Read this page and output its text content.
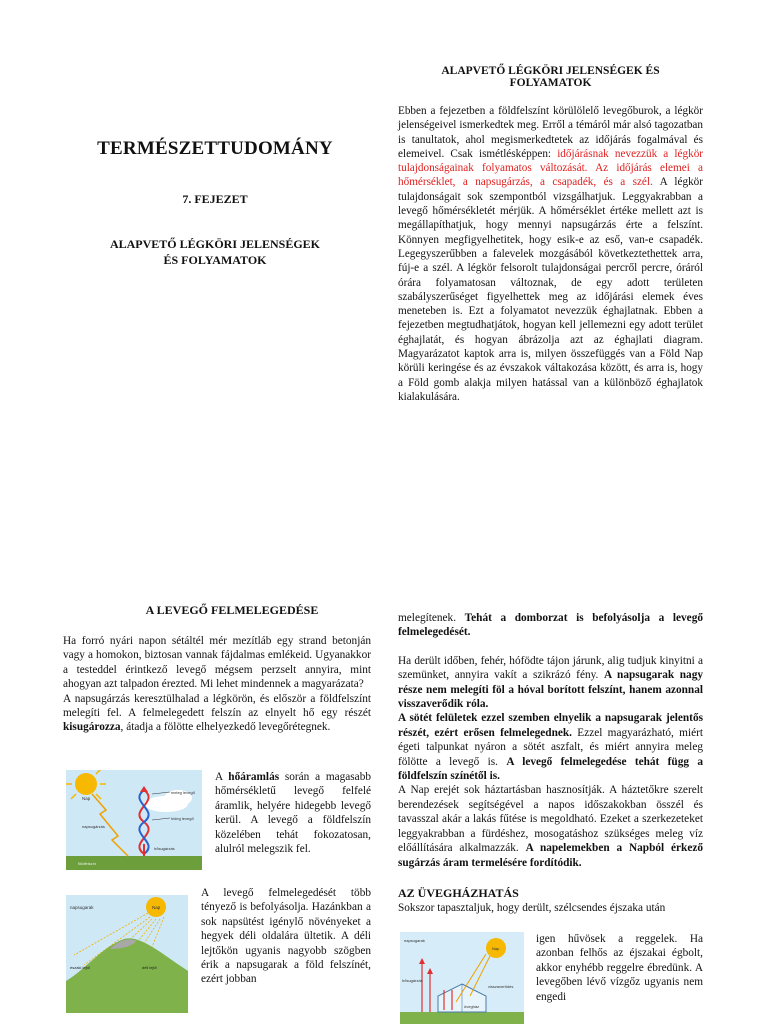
TERMÉSZETTUDOMÁNY
7. FEJEZET
ALAPVETŐ LÉGKÖRI JELENSÉGEK
ÉS FOLYAMATOK
ALAPVETŐ LÉGKÖRI JELENSÉGEK ÉS
FOLYAMATOK

Ebben a fejezetben a földfelszínt körülölelő levegőburok, a légkör jelenségeivel ismerkedtek meg. Erről a témáról már alsó tagozatban is tanultatok, ahol megismerkedtetek az időjárás fogalmával és elemeivel. Csak ismétlésképpen: időjárásnak nevezzük a légkör tulajdonságainak folyamatos változását. Az időjárás elemei a hőmérséklet, a napsugárzás, a csapadék, és a szél. A légkör tulajdonságait sok szempontból vizsgálhatjuk. Leggyakrabban a levegő hőmérsékletét mérjük. A hőmérséklet értéke mellett azt is megállapíthatjuk, hogy mennyi napsugárzás érte a felszínt. Könnyen megfigyelhetitek, hogy esik-e az eső, van-e csapadék. Legegyszerűbben a falevelek mozgásából következtethettek arra, fúj-e a szél. A légkör felsorolt tulajdonságai percről percre, óráról órára folyamatosan változnak, de egy adott területen szabályszerűséget figyelhettek meg az időjárási elemek éves meneteben is. Ezt a folyamatot nevezzük éghajlatnak. Ebben a fejezetben megtudhatjátok, hogyan kell jellemezni egy adott terület éghajlatát, és hogyan ábrázolja azt az éghajlati diagram. Magyarázatot kaptok arra is, milyen összefüggés van a Föld Nap körüli keringése és az évszakok váltakozása között, és arra is, hogy a Föld gomb alakja milyen hatással van a különböző éghajlatok kialakulására.

A LEVEGŐ FELMELEGEDÉSE

Ha forró nyári napon sétáltél mér mezítláb egy strand betonján vagy a homokon, biztosan vannak fájdalmas emlékeid. Ugyanakkor a testeddel érintkező levegő mégsem perzselt annyira, mint ahogyan azt talpadon érezted. Mi lehet mindennek a magyarázata?

A napsugárzás keresztülhalad a légkörön, és először a földfelszínt melegíti fel. A felmelegedett felszín az elnyelt hő egy részét kisugározza, átadja a fölötte elhelyezkedő levegőrétegnek.

Nap
meleg levegő
hideg levegő
napsugárzás
hősugárzás
földfelszín

A hőáramlás során a magasabb hőmérsékletű levegő felfelé áramlik, helyére hidegebb levegő kerül. A levegő a földfelszín közelében tehát fokozatosan, alulról melegszik fel.

napsugarak	Nap
északi lejtő	déli lejtő

A levegő felmelegedését több tényező is befolyásolja. Hazánkban a sok napsütést igénylő növényeket a hegyek déli oldalára ültetik. A déli lejtőkön ugyanis nagyobb szögben érik a napsugarak a föld felszínét, ezért jobban

melegítenek. Tehát a domborzat is befolyásolja a levegő felmelegedését.

Ha derült időben, fehér, hófödte tájon járunk, alig tudjuk kinyitni a szemünket, annyira vakít a szikrázó fény. A napsugarak nagy része nem melegíti föl a hóval borított felszínt, hanem azonnal visszaverődik róla.

A sötét felületek ezzel szemben elnyelik a napsugarak jelentős részét, ezért erősen felmelegednek. Ezzel magyarázható, miért égeti talpunkat nyáron a sötét aszfalt, és miért annyira meleg fölötte a levegő is. A levegő felmelegedése tehát függ a földfelszín színétől is.

A Nap erejét sok háztartásban hasznosítják. A háztetőkre szerelt berendezések segítségével a napos időszakokban összél és tavasszal akár a lakás fűtése is megoldható. Ezeket a szerkezeteket leggyakrabban a fürdéshez, mosogatáshoz szükséges meleg víz előállítására alkalmazzák. A napelemekben a Napból érkező sugárzás áram termelésére fordítódik.

AZ ÜVEGHÁZHATÁS

Sokszor tapasztaljuk, hogy derült, szélcsendes éjszaka után

napsugarak
Nap
hősugárzás
üvegház
visszaverődés

igen hűvösek a reggelek. Ha azonban felhős az éjszakai égbolt, akkor enyhébb reggelre ébredünk. A levegőben lévő vízgőz ugyanis nem engedi
